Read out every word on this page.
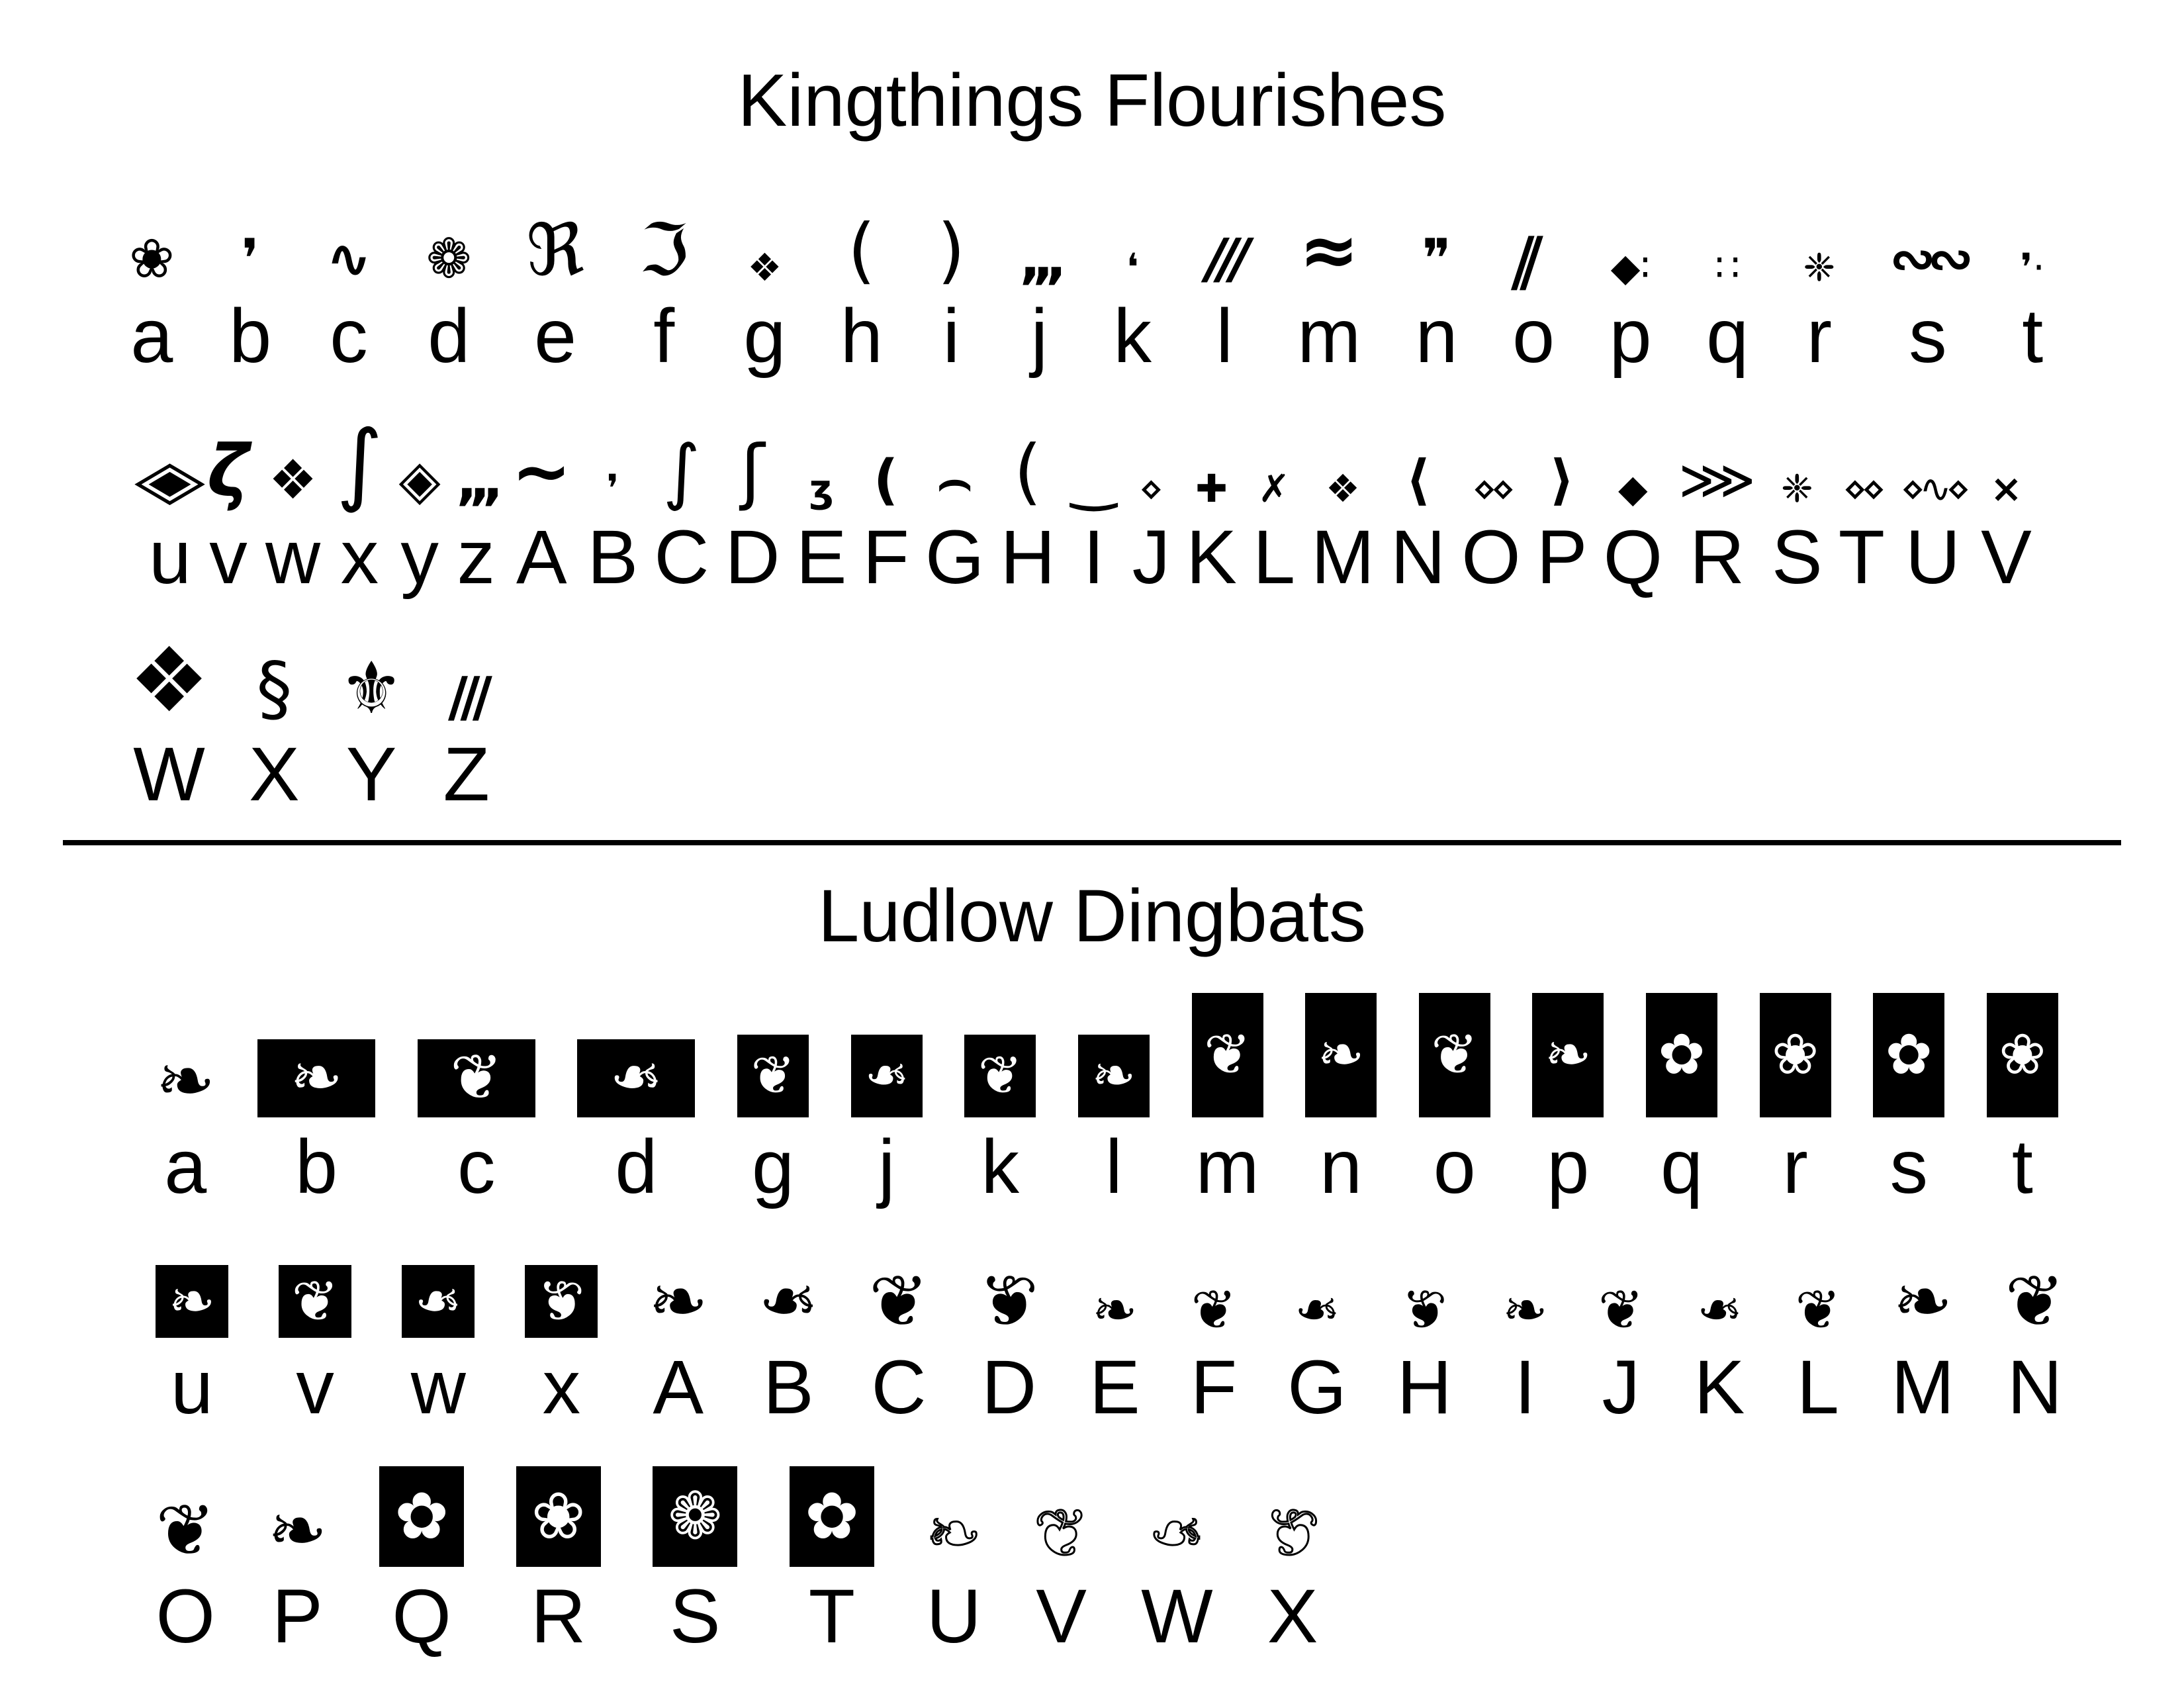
Kingthings Flourishes
❀
a
❜
b
∿
c
❁
d
ℜ
e
ℑ
f
❖
g
(
h
)
i
,,,
j
❛
k
///
l
≈
m
❞
n
‖
o
◆∶
p
∷
q
❈
r
∾∾
s
❜·
t
◈
u
ζ
v
❖
w
∫
x
◈
y
,,,
z
∼
A
❜
B
∫
C
ʃ
D
ʒ
E
(
F
⌢
G
(
H
‿
I
⋄
J
✚
K
✗
L
❖
M
⟨
N
⋄⋄
O
⟩
P
◆
Q
⋙
R
❈
S
⋄⋄
T
⋄∿⋄
U
×
V
❖
W
§
X
⚜
Y
∕∕∕
Z
Ludlow Dingbats
❧
a
❧
b
❦
c
❧
d
❦
g
❧
j
❦
k
❧
l
❦
m
❧
n
❦
o
❧
p
✿
q
❀
r
✿
s
❀
t
❧
u
❦
v
❧
w
❦
x
❧
A
❧
B
❦
C
❦
D
❧
E
❦
F
❧
G
❦
H
❧
I
❦
J
❧
K
❦
L
❧
M
❦
N
❦
O
❧
P
✿
Q
❀
R
❁
S
✿
T
❧
U
❦
V
❧
W
❦
X
